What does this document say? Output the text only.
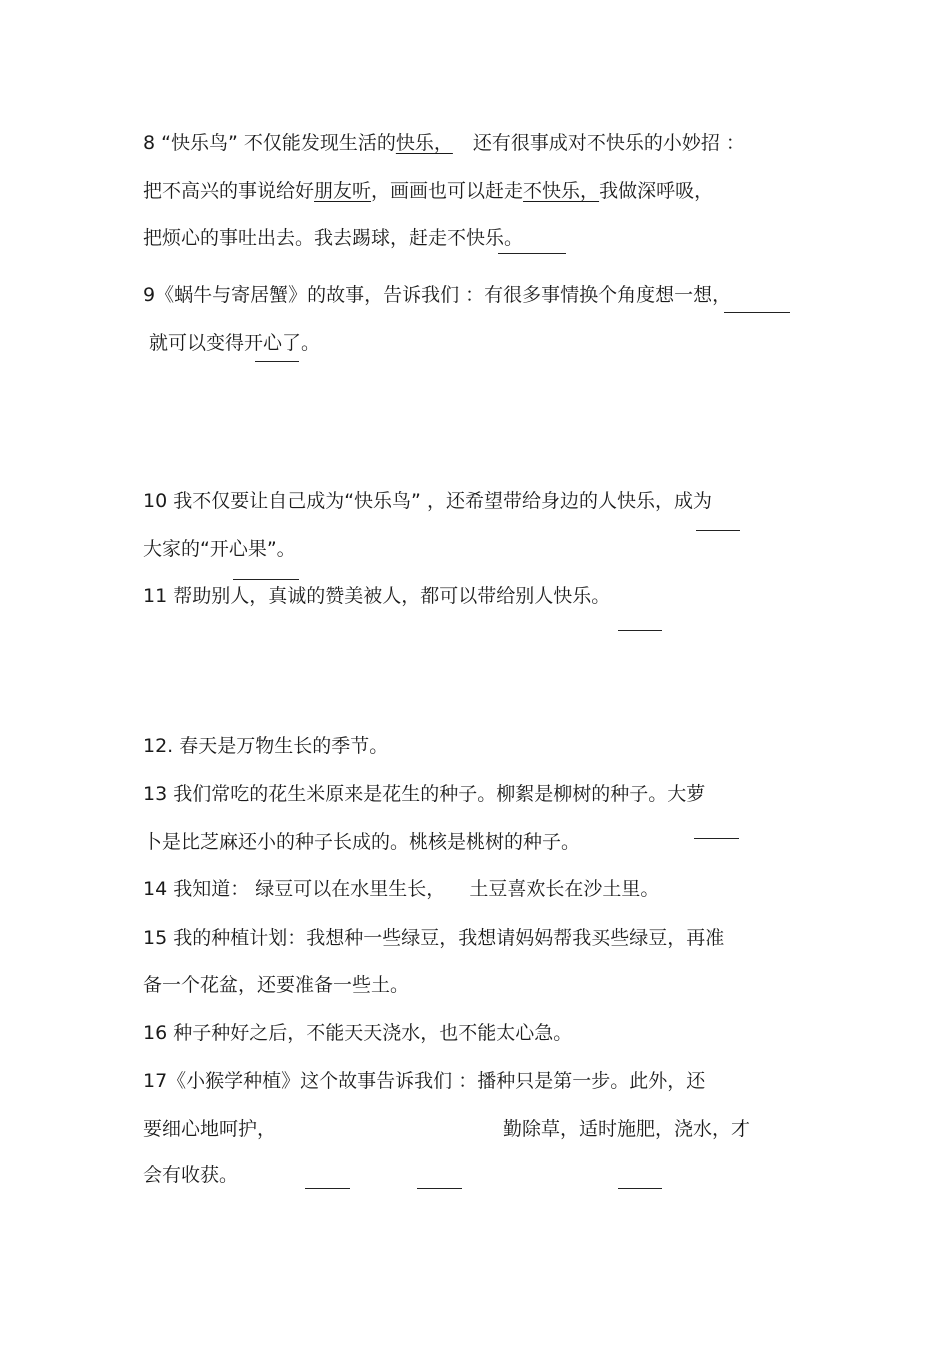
8 “快乐鸟” 不仅能发现生活的快乐， 还有很事成对不快乐的小妙招 ：
把不高兴的事说给好朋友听，画画也可以赶走不快乐，我做深呼吸，
把烦心的事吐出去。我去踢球，赶走不快乐。
9《蜗牛与寄居蟹》的故事，告诉我们 ：有很多事情换个角度想一想，
就可以变得开心了。
10 我不仅要让自己成为“快乐鸟” ，还希望带给身边的人快乐，成为
大家的“开心果”。
11 帮助别人，真诚的赞美被人，都可以带给别人快乐。
12. 春天是万物生长的季节。
13 我们常吃的花生米原来是花生的种子。柳絮是柳树的种子。大萝
卜是比芝麻还小的种子长成的。桃核是桃树的种子。
14 我知道： 绿豆可以在水里生长，    土豆喜欢长在沙土里。
15 我的种植计划：我想种一些绿豆，我想请妈妈帮我买些绿豆，再准
备一个花盆，还要准备一些土。
16 种子种好之后，不能天天浇水，也不能太心急。
17《小猴学种植》这个故事告诉我们 ：播种只是第一步。此外，还
要细心地呵护，	勤除草，适时施肥，浇水，才
会有收获。
